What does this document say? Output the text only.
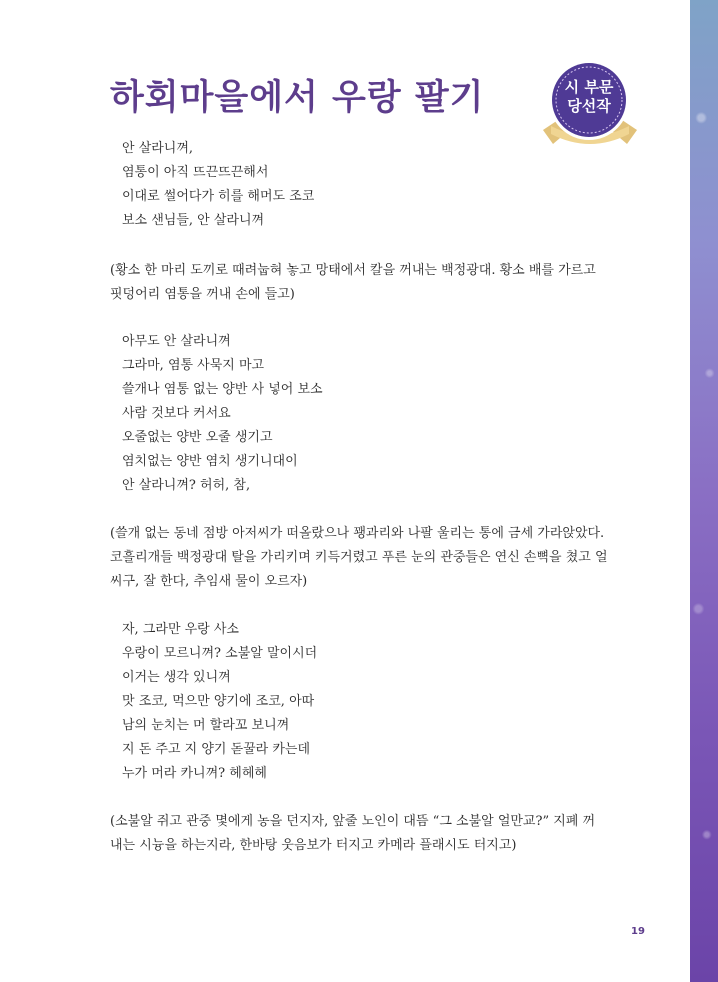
하회마을에서 우랑 팔기	시 부문
당선작
안 살라니껴,
염통이 아직 뜨끈뜨끈해서
이대로 썰어다가 히를 해머도 조코
보소 샌님들, 안 살라니껴
(황소 한 마리 도끼로 때려눕혀 놓고 망태에서 칼을 꺼내는 백정광대. 황소 배를 가르고
핏덩어리 염통을 꺼내 손에 들고)
아무도 안 살라니껴
그라마, 염통 사묵지 마고
쓸개나 염통 없는 양반 사 넣어 보소
사람 것보다 커서요
오줄없는 양반 오줄 생기고
염치없는 양반 염치 생기니대이
안 살라니껴? 허허, 참,
(쓸개 없는 동네 점방 아저씨가 떠올랐으나 꽹과리와 나팔 울리는 통에 금세 가라앉았다.
코흘리개들 백정광대 탈을 가리키며 키득거렸고 푸른 눈의 관중들은 연신 손뼉을 쳤고 얼
씨구, 잘 한다, 추임새 물이 오르자)
자, 그라만 우랑 사소
우랑이 모르니껴? 소불알 말이시더
이거는 생각 있니껴
맛 조코, 먹으만 양기에 조코, 아따
남의 눈치는 머 할라꼬 보니껴
지 돈 주고 지 양기 돋꿀라 카는데
누가 머라 카니껴? 헤헤헤
(소불알 쥐고 관중 몇에게 농을 던지자, 앞줄 노인이 대뜸 “그 소불알 얼만교?” 지폐 꺼
내는 시늉을 하는지라, 한바탕 웃음보가 터지고 카메라 플래시도 터지고)
19
